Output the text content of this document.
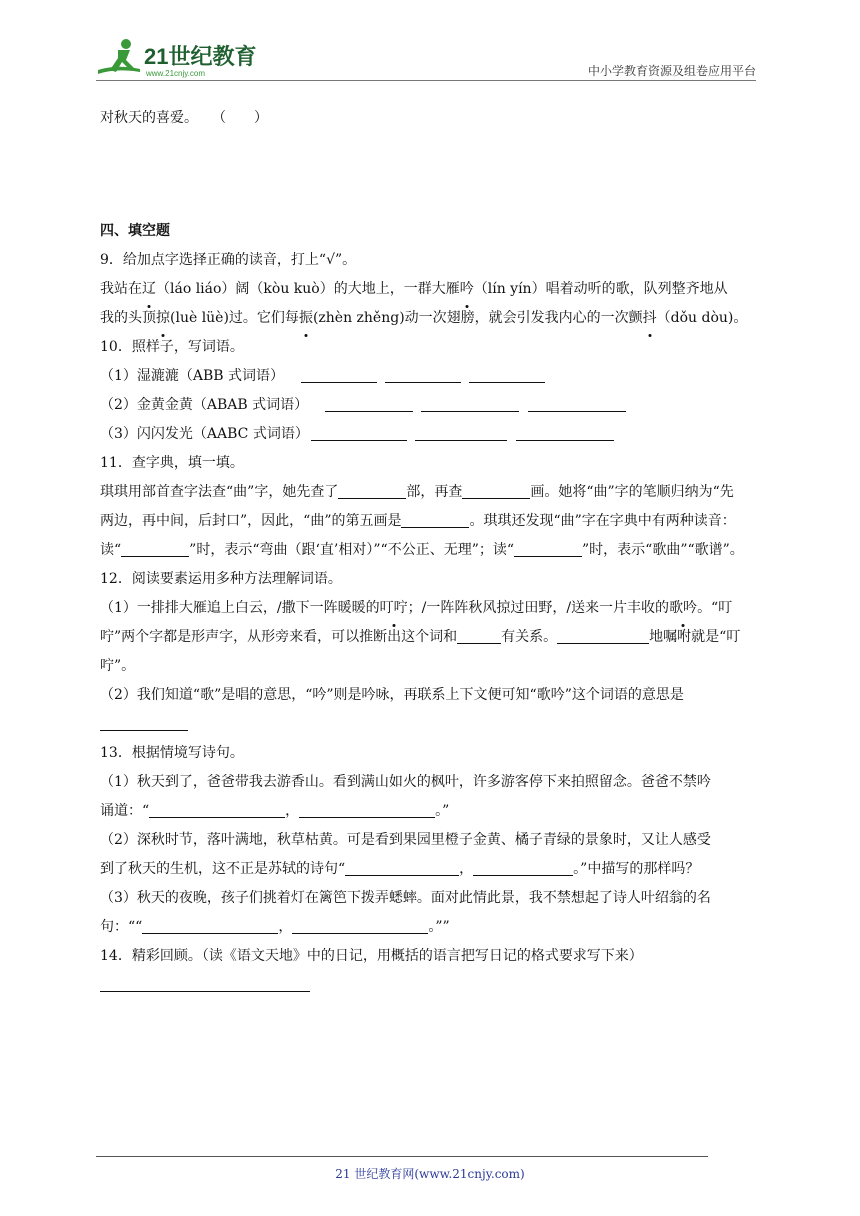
21世纪教育
www.21cnjy.com	中小学教育资源及组卷应用平台

对秋天的喜爱。　　（　　）

四、填空题

9．给加点字选择正确的读音，打上“√”。

我站在辽（láo liáo）阔（kòu kuò）的大地上，一群大雁吟（lín yín）唱着动听的歌，队列整齐地从

我的头顶掠(luè lüè)过。它们每振(zhèn zhěng)动一次翅膀，就会引发我内心的一次颤抖（dǒu dòu)。

10．照样子，写词语。

（1）湿漉漉（ABB 式词语）

（2）金黄金黄（ABAB 式词语）

（3）闪闪发光（AABC 式词语）

11．查字典，填一填。

琪琪用部首查字法查“曲”字，她先查了	部，再查	画。她将“曲”字的笔顺归纳为“先

两边，再中间，后封口”，因此，“曲”的第五画是	。琪琪还发现“曲”字在字典中有两种读音：

读“	”时，表示“弯曲（跟‘直’相对）”“不公正、无理”；读“	”时，表示“歌曲”“歌谱”。

12．阅读要素运用多种方法理解词语。

（1）一排排大雁追上白云，/撒下一阵暖暖的叮咛；/一阵阵秋风掠过田野，/送来一片丰收的歌吟。“叮

咛”两个字都是形声字，从形旁来看，可以推断出这个词和	有关系。	地嘱咐就是“叮

咛”。

（2）我们知道“歌”是唱的意思，“吟”则是吟咏，再联系上下文便可知“歌吟”这个词语的意思是

13．根据情境写诗句。

（1）秋天到了，爸爸带我去游香山。看到满山如火的枫叶，许多游客停下来拍照留念。爸爸不禁吟

诵道：“	，	。”

（2）深秋时节，落叶满地，秋草枯黄。可是看到果园里橙子金黄、橘子青绿的景象时，又让人感受

到了秋天的生机，这不正是苏轼的诗句“	，	。”中描写的那样吗？

（3）秋天的夜晚，孩子们挑着灯在篱笆下拨弄蟋蟀。面对此情此景，我不禁想起了诗人叶绍翁的名

句：““	，	。””

14．精彩回顾。（读《语文天地》中的日记，用概括的语言把写日记的格式要求写下来）

21 世纪教育网(www.21cnjy.com)
